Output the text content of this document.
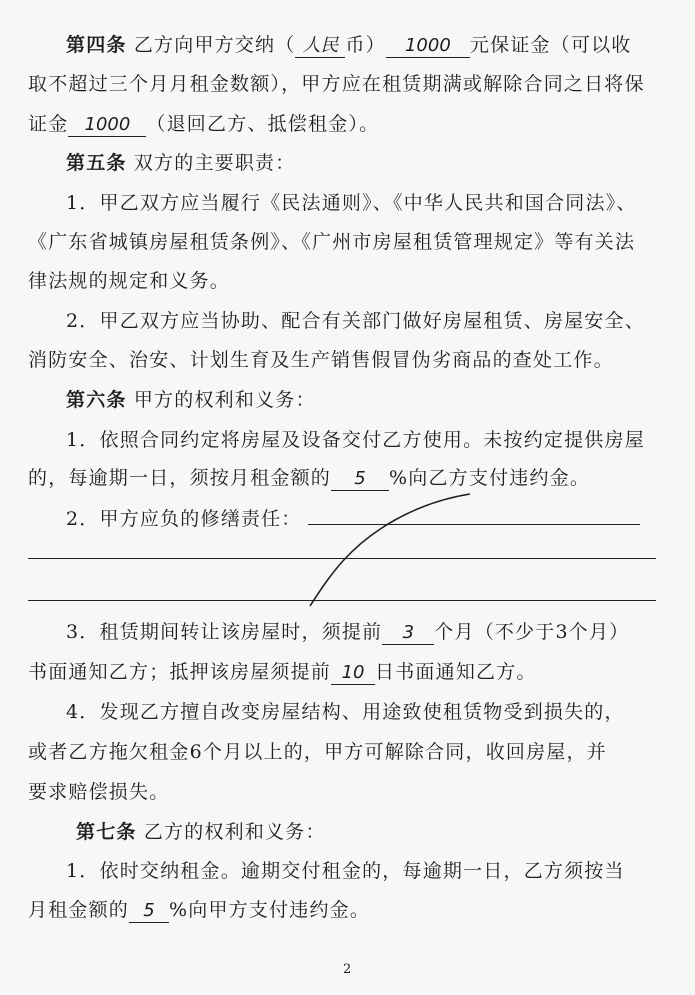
第四条 乙方向甲方交纳（ 人民 币） 1000 元保证金（可以收
取不超过三个月月租金数额），甲方应在租赁期满或解除合同之日将保
证金 1000 （退回乙方、抵偿租金）。
第五条 双方的主要职责：
1．甲乙双方应当履行《民法通则》、《中华人民共和国合同法》、
《广东省城镇房屋租赁条例》、《广州市房屋租赁管理规定》等有关法
律法规的规定和义务。
2．甲乙双方应当协助、配合有关部门做好房屋租赁、房屋安全、
消防安全、治安、计划生育及生产销售假冒伪劣商品的查处工作。
第六条 甲方的权利和义务：
1．依照合同约定将房屋及设备交付乙方使用。未按约定提供房屋
的，每逾期一日，须按月租金额的 5 %向乙方支付违约金。
2．甲方应负的修缮责任：
3．租赁期间转让该房屋时，须提前 3 个月（不少于3个月）
书面通知乙方；抵押该房屋须提前 10 日书面通知乙方。
4．发现乙方擅自改变房屋结构、用途致使租赁物受到损失的，
或者乙方拖欠租金6个月以上的，甲方可解除合同，收回房屋，并
要求赔偿损失。
第七条 乙方的权利和义务：
1．依时交纳租金。逾期交付租金的，每逾期一日，乙方须按当
月租金额的 5 %向甲方支付违约金。
2
